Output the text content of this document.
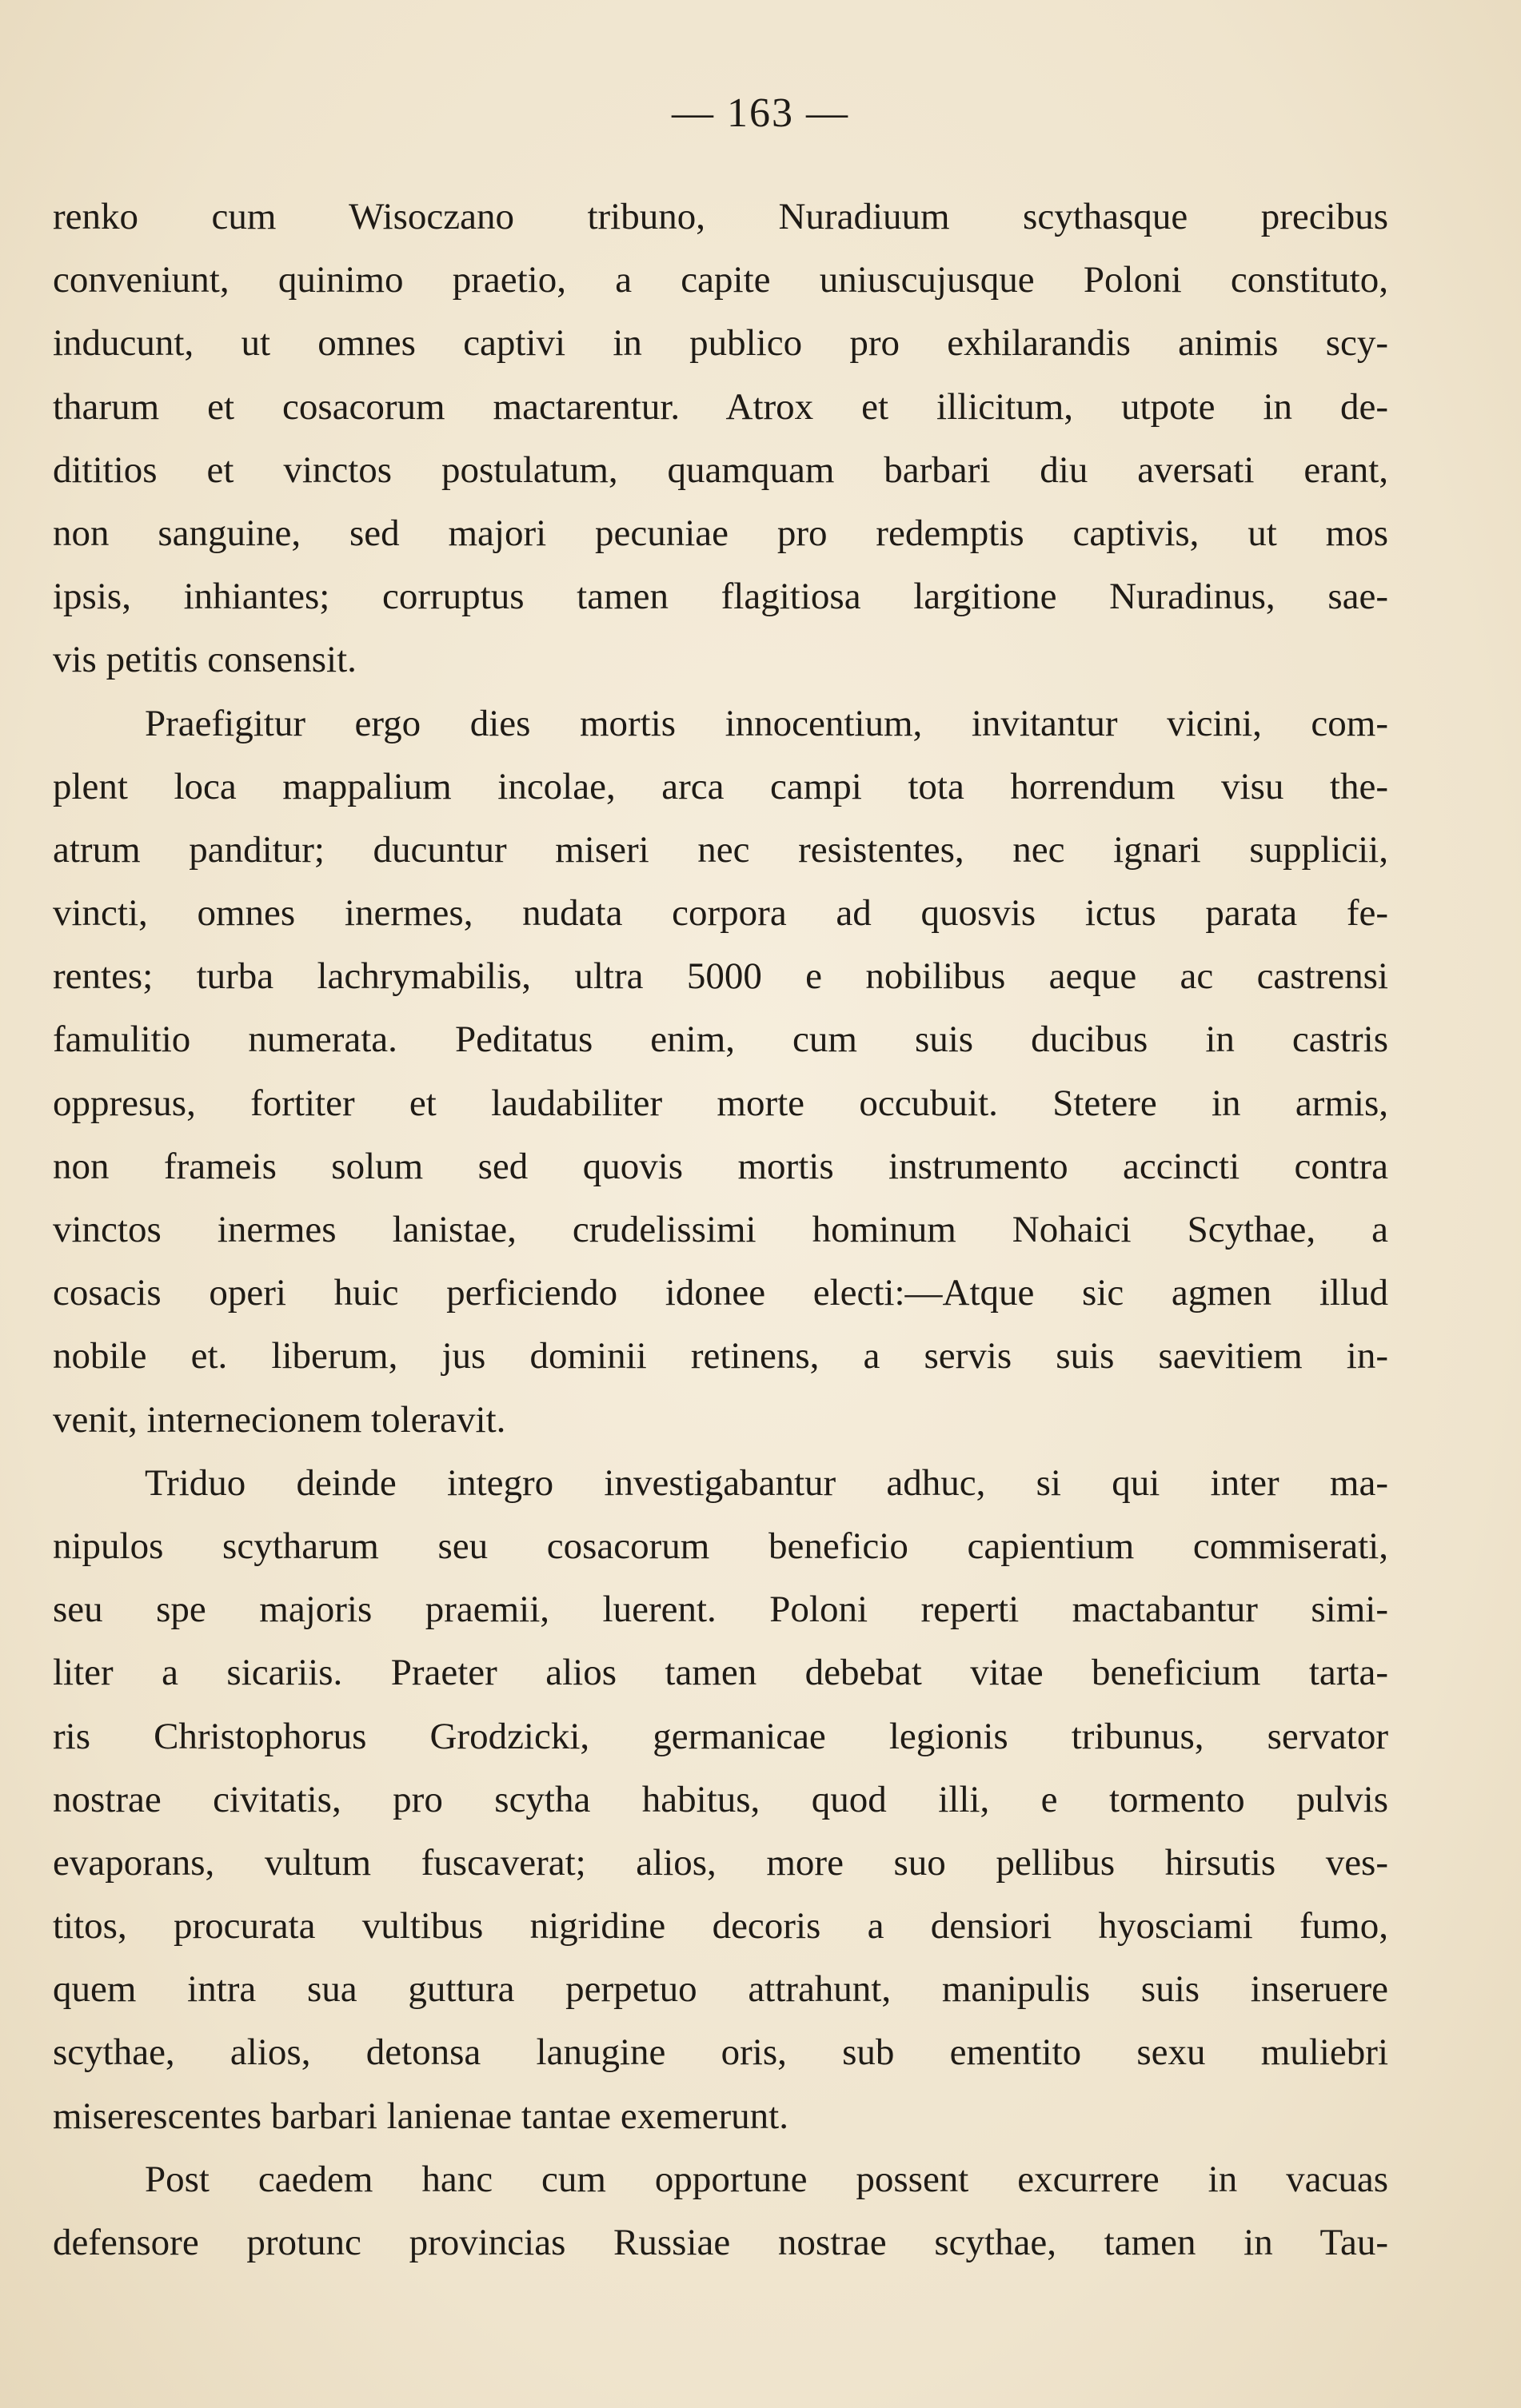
— 163 —
renko cum Wisoczano tribuno, Nuradiuum scythasque precibus
conveniunt, quinimo praetio, a capite uniuscujusque Poloni constituto,
inducunt, ut omnes captivi in publico pro exhilarandis animis scy-
tharum et cosacorum mactarentur. Atrox et illicitum, utpote in de-
dititios et vinctos postulatum, quamquam barbari diu aversati erant,
non sanguine, sed majori pecuniae pro redemptis captivis, ut mos
ipsis, inhiantes; corruptus tamen flagitiosa largitione Nuradinus, sae-
vis petitis consensit.
Praefigitur ergo dies mortis innocentium, invitantur vicini, com-
plent loca mappalium incolae, arca campi tota horrendum visu the-
atrum panditur; ducuntur miseri nec resistentes, nec ignari supplicii,
vincti, omnes inermes, nudata corpora ad quosvis ictus parata fe-
rentes; turba lachrymabilis, ultra 5000 e nobilibus aeque ac castrensi
famulitio numerata. Peditatus enim, cum suis ducibus in castris
oppresus, fortiter et laudabiliter morte occubuit. Stetere in armis,
non frameis solum sed quovis mortis instrumento accincti contra
vinctos inermes lanistae, crudelissimi hominum Nohaici Scythae, a
cosacis operi huic perficiendo idonee electi:—Atque sic agmen illud
nobile et. liberum, jus dominii retinens, a servis suis saevitiem in-
venit, internecionem toleravit.
Triduo deinde integro investigabantur adhuc, si qui inter ma-
nipulos scytharum seu cosacorum beneficio capientium commiserati,
seu spe majoris praemii, luerent. Poloni reperti mactabantur simi-
liter a sicariis. Praeter alios tamen debebat vitae beneficium tarta-
ris Christophorus Grodzicki, germanicae legionis tribunus, servator
nostrae civitatis, pro scytha habitus, quod illi, e tormento pulvis
evaporans, vultum fuscaverat; alios, more suo pellibus hirsutis ves-
titos, procurata vultibus nigridine decoris a densiori hyosciami fumo,
quem intra sua guttura perpetuo attrahunt, manipulis suis inseruere
scythae, alios, detonsa lanugine oris, sub ementito sexu muliebri
miserescentes barbari lanienae tantae exemerunt.
Post caedem hanc cum opportune possent excurrere in vacuas
defensore protunc provincias Russiae nostrae scythae, tamen in Tau-
